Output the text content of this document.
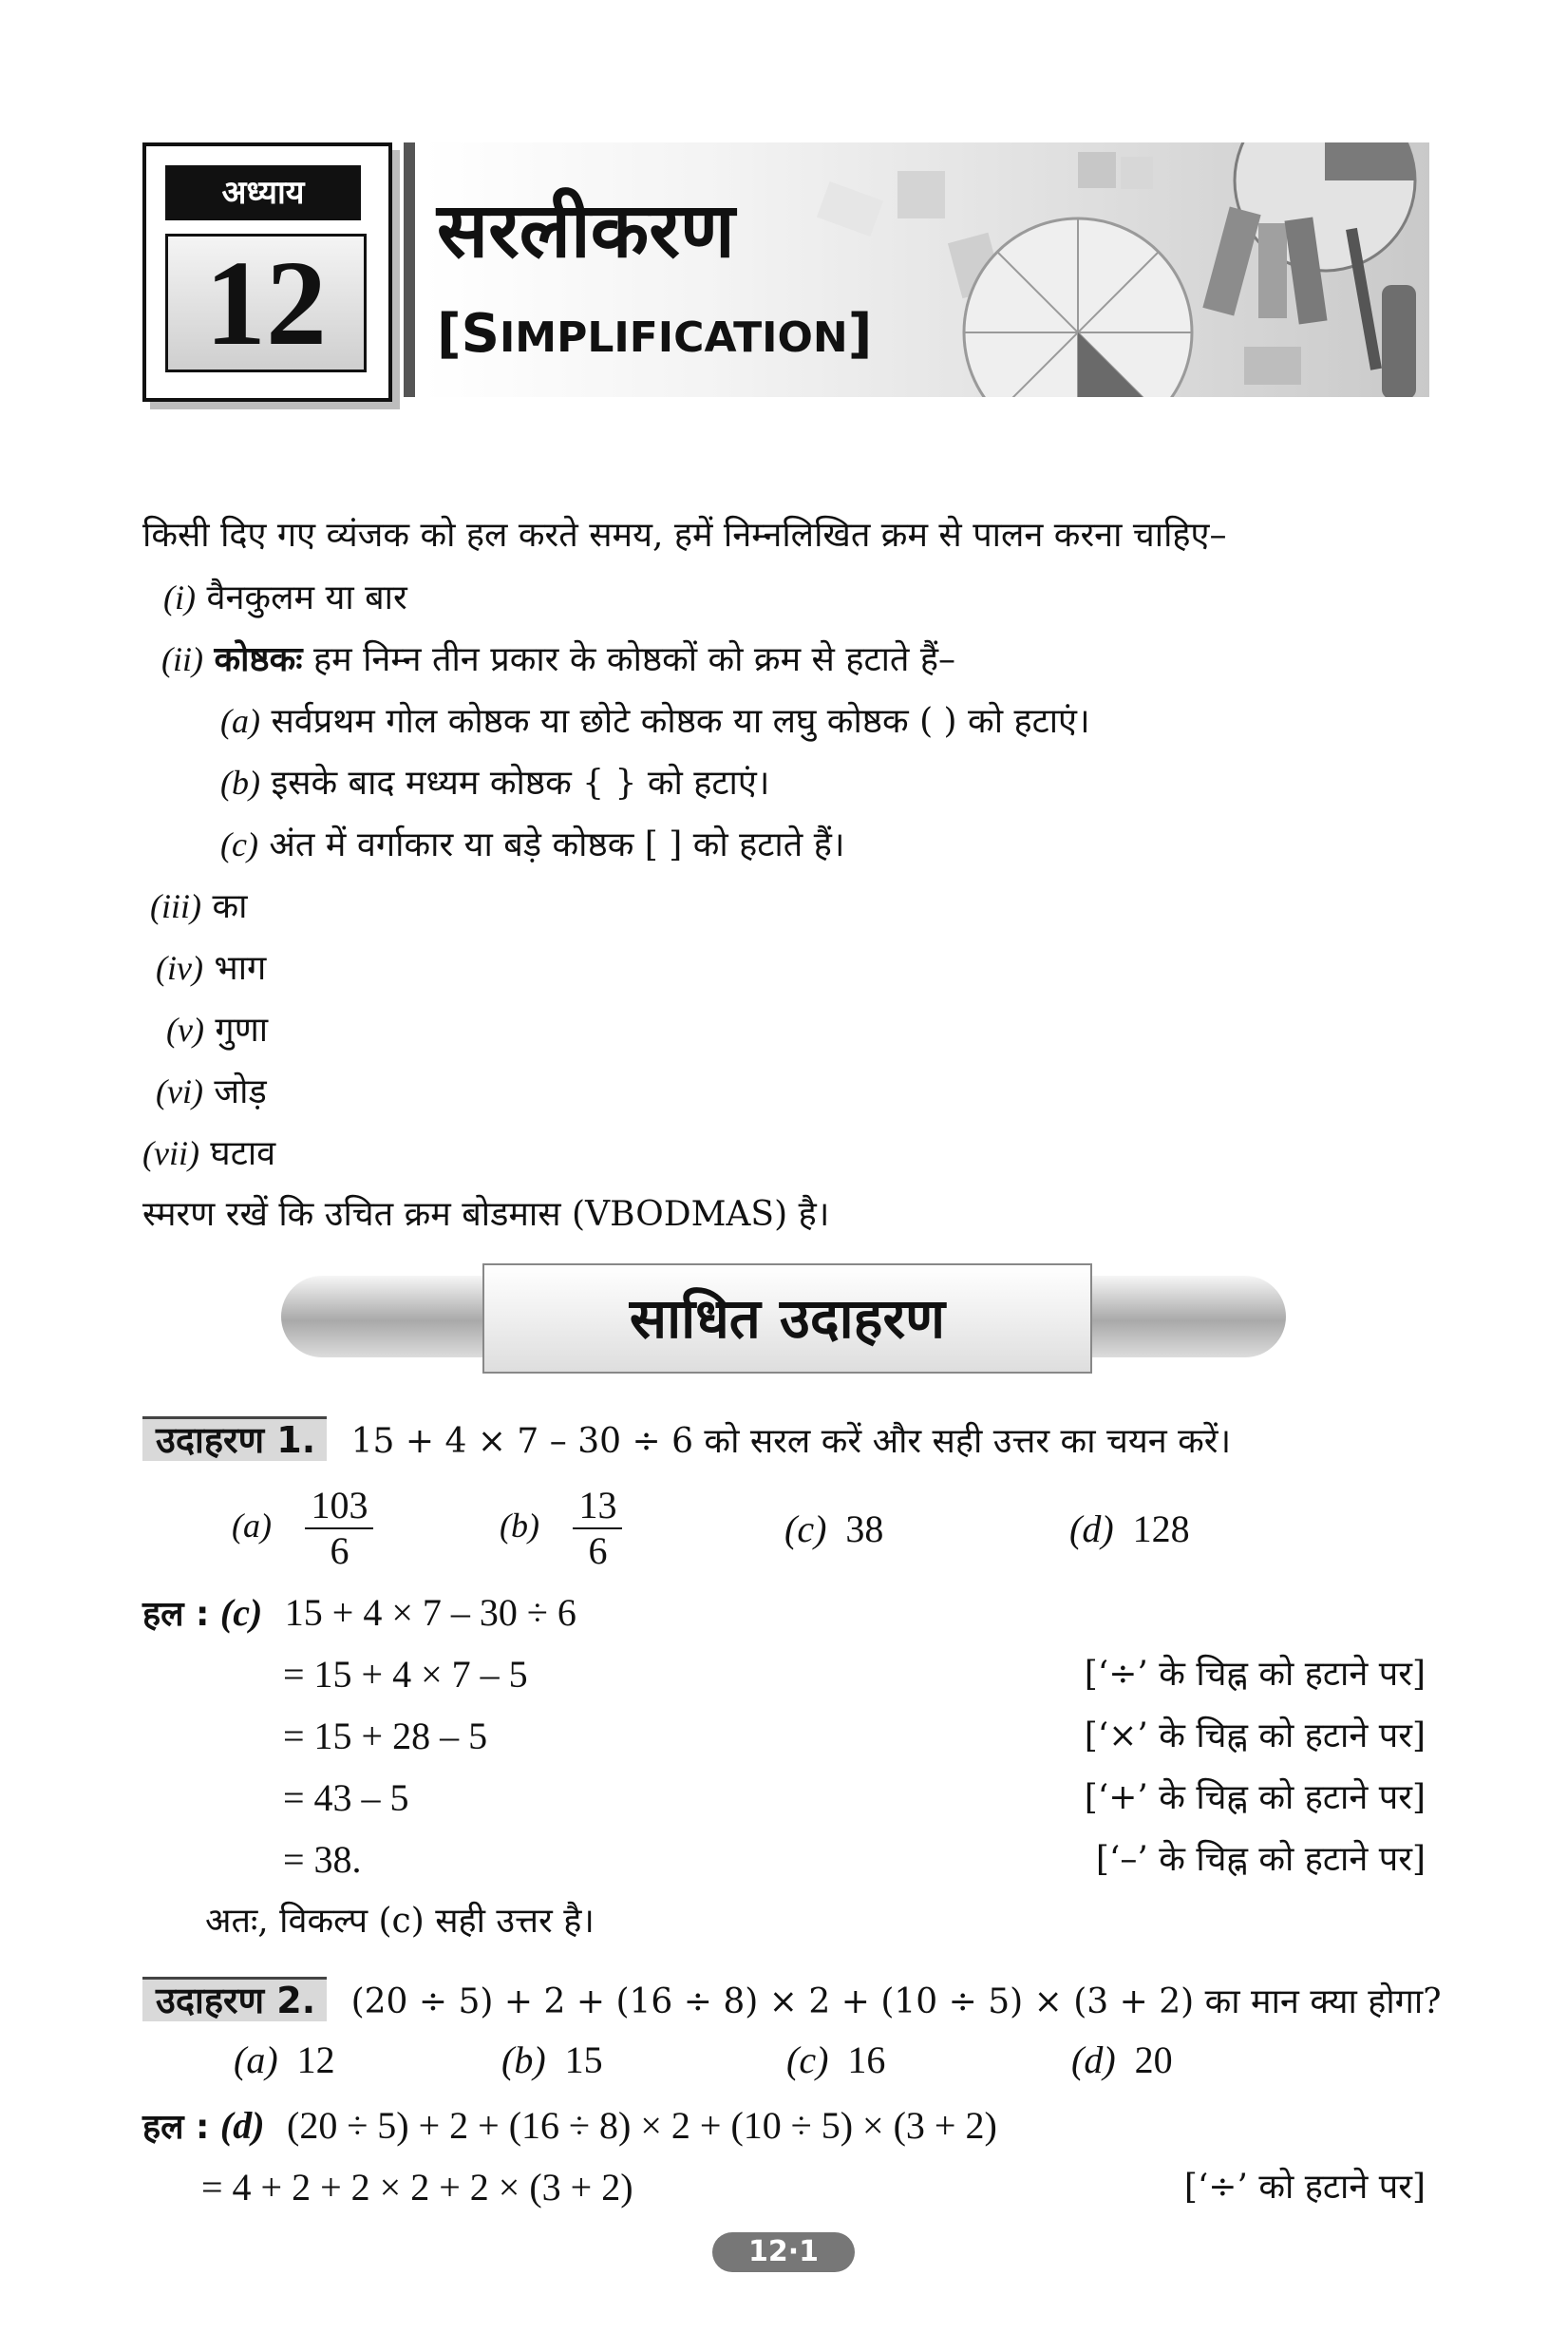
अध्याय
12
सरलीकरण
[SIMPLIFICATION]
किसी दिए गए व्यंजक को हल करते समय, हमें निम्नलिखित क्रम से पालन करना चाहिए–
(i) वैनकुलम या बार
(ii) कोष्ठकः हम निम्न तीन प्रकार के कोष्ठकों को क्रम से हटाते हैं–
(a) सर्वप्रथम गोल कोष्ठक या छोटे कोष्ठक या लघु कोष्ठक ( ) को हटाएं।
(b) इसके बाद मध्यम कोष्ठक { } को हटाएं।
(c) अंत में वर्गाकार या बड़े कोष्ठक [ ] को हटाते हैं।
(iii) का
(iv) भाग
(v) गुणा
(vi) जोड़
(vii) घटाव
स्मरण रखें कि उचित क्रम बोडमास (VBODMAS) है।
साधित उदाहरण
उदाहरण 1. 15 + 4 × 7 – 30 ÷ 6 को सरल करें और सही उत्तर का चयन करें।
$(a) \frac{103}{6}$	$(b) \frac{13}{6}$	(c) 38	(d) 128
हल : (c) 15 + 4 × 7 – 30 ÷ 6
= 15 + 4 × 7 – 5	[‘÷’ के चिह्न को हटाने पर]
= 15 + 28 – 5	[‘×’ के चिह्न को हटाने पर]
= 43 – 5	[‘+’ के चिह्न को हटाने पर]
= 38.	[‘–’ के चिह्न को हटाने पर]
अतः, विकल्प (c) सही उत्तर है।
उदाहरण 2. (20 ÷ 5) + 2 + (16 ÷ 8) × 2 + (10 ÷ 5) × (3 + 2) का मान क्या होगा?
(a) 12	(b) 15	(c) 16	(d) 20
हल : (d) (20 ÷ 5) + 2 + (16 ÷ 8) × 2 + (10 ÷ 5) × (3 + 2)
= 4 + 2 + 2 × 2 + 2 × (3 + 2)	[‘÷’ को हटाने पर]
12·1
